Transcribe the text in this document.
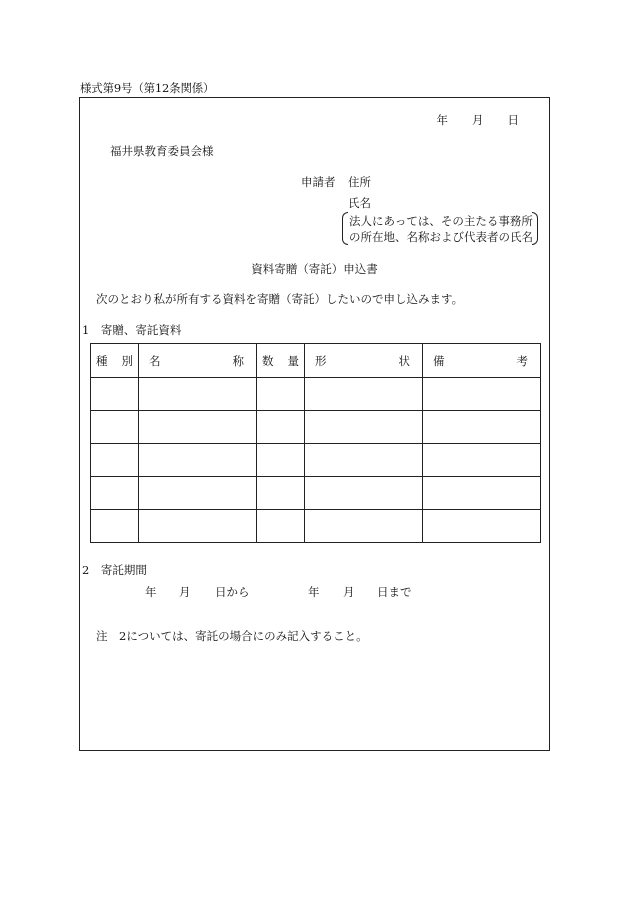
様式第9号（第12条関係）
年 月 日
福井県教育委員会様
申請者 住所
氏名
法人にあっては、その主たる事務所
の所在地、名称および代表者の氏名
資料寄贈（寄託）申込書
次のとおり私が所有する資料を寄贈（寄託）したいので申し込みます。
1　寄贈、寄託資料
種 別	名 称	数 量	形 状	備 考

2　寄託期間
年 月 日から	年 月 日まで
注　2については、寄託の場合にのみ記入すること。
